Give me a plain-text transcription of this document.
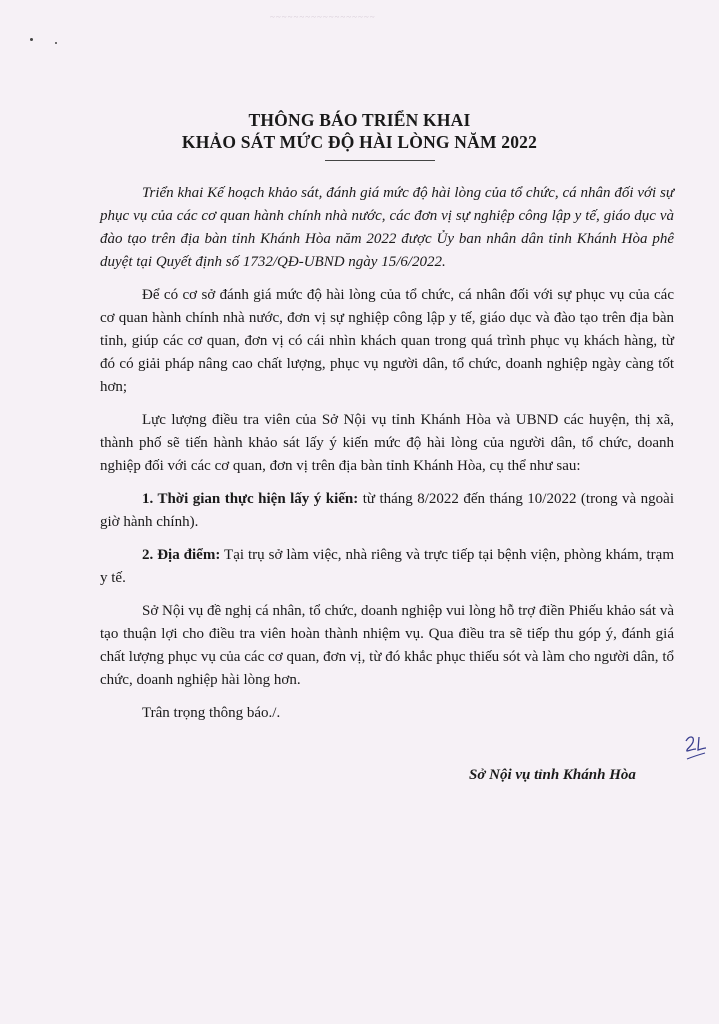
~~~~~~~~~~~~~~~~~~
THÔNG BÁO TRIỂN KHAI
KHẢO SÁT MỨC ĐỘ HÀI LÒNG NĂM 2022

Triển khai Kế hoạch khảo sát, đánh giá mức độ hài lòng của tổ chức, cá nhân đối với sự phục vụ của các cơ quan hành chính nhà nước, các đơn vị sự nghiệp công lập y tế, giáo dục và đào tạo trên địa bàn tỉnh Khánh Hòa năm 2022 được Ủy ban nhân dân tỉnh Khánh Hòa phê duyệt tại Quyết định số 1732/QĐ-UBND ngày 15/6/2022.

Để có cơ sở đánh giá mức độ hài lòng của tổ chức, cá nhân đối với sự phục vụ của các cơ quan hành chính nhà nước, đơn vị sự nghiệp công lập y tế, giáo dục và đào tạo trên địa bàn tỉnh, giúp các cơ quan, đơn vị có cái nhìn khách quan trong quá trình phục vụ khách hàng, từ đó có giải pháp nâng cao chất lượng, phục vụ người dân, tổ chức, doanh nghiệp ngày càng tốt hơn;

Lực lượng điều tra viên của Sở Nội vụ tỉnh Khánh Hòa và UBND các huyện, thị xã, thành phố sẽ tiến hành khảo sát lấy ý kiến mức độ hài lòng của người dân, tổ chức, doanh nghiệp đối với các cơ quan, đơn vị trên địa bàn tỉnh Khánh Hòa, cụ thể như sau:

1. Thời gian thực hiện lấy ý kiến: từ tháng 8/2022 đến tháng 10/2022 (trong và ngoài giờ hành chính).

2. Địa điểm: Tại trụ sở làm việc, nhà riêng và trực tiếp tại bệnh viện, phòng khám, trạm y tế.

Sở Nội vụ đề nghị cá nhân, tổ chức, doanh nghiệp vui lòng hỗ trợ điền Phiếu khảo sát và tạo thuận lợi cho điều tra viên hoàn thành nhiệm vụ. Qua điều tra sẽ tiếp thu góp ý, đánh giá chất lượng phục vụ của các cơ quan, đơn vị, từ đó khắc phục thiếu sót và làm cho người dân, tổ chức, doanh nghiệp hài lòng hơn.

Trân trọng thông báo./.

Sở Nội vụ tỉnh Khánh Hòa
